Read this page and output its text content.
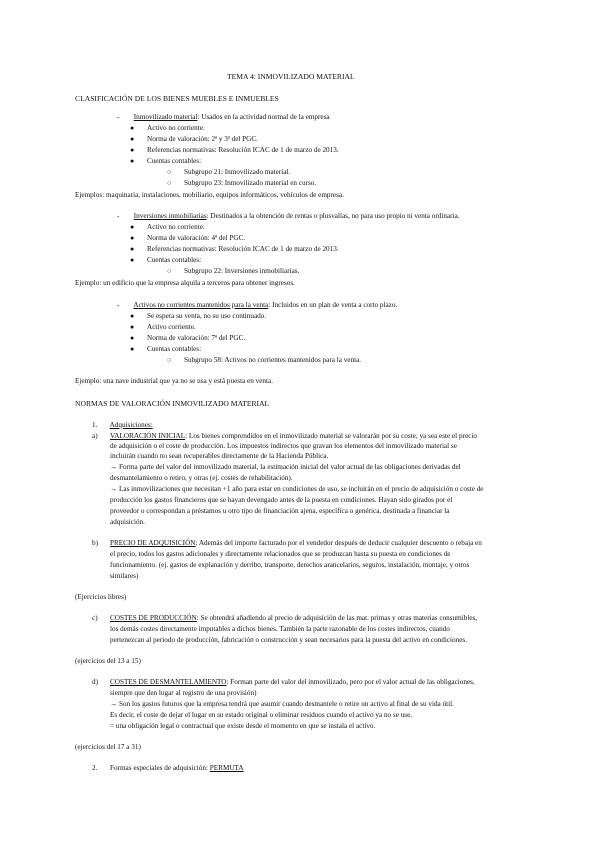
TEMA 4: INMOVILIZADO MATERIAL
CLASIFICACIÓN DE LOS BIENES MUEBLES E INMUEBLES
- Inmovilizado material: Usados en la actividad normal de la empresa
● Activo no corriente.
● Norma de valoración: 2ª y 3ª del PGC.
● Referencias normativas: Resolución ICAC de 1 de marzo de 2013.
● Cuentas contables:
○ Subgrupo 21: Inmovilizado material.
○ Subgrupo 23: Inmovilizado material en curso.
Ejemplos: maquinaria, instalaciones, mobiliario, equipos informáticos, vehículos de empresa.
- Inversiones inmobiliarias: Destinados a la obtención de rentas o plusvalías, no para uso propio ni venta ordinaria.
● Activo no corriente.
● Norma de valoración: 4ª del PGC.
● Referencias normativas: Resolución ICAC de 1 de marzo de 2013.
● Cuentas contables:
○ Subgrupo 22: Inversiones inmobiliarias.
Ejemplo: un edificio que la empresa alquila a terceros para obtener ingresos.
- Activos no corrientes mantenidos para la venta: Incluidos en un plan de venta a corto plazo.
● Se espera su venta, no su uso continuado.
● Activo corriente.
● Norma de valoración: 7ª del PGC.
● Cuentas contables:
○ Subgrupo 58: Activos no corrientes mantenidos para la venta.
Ejemplo: una nave industrial que ya no se usa y está puesta en venta.
NORMAS DE VALORACIÓN INMOVILIZADO MATERIAL
1. Adquisiciones:
a) VALORACIÓN INICIAL: Los bienes comprendidos en el inmovilizado material se valorarán por su coste, ya sea este el precio
de adquisición o el coste de producción. Los impuestos indirectos que gravan los elementos del inmovilizado material se
incluirán cuando no sean recuperables directamente de la Hacienda Pública.
→ Forma parte del valor del inmovilizado material, la estimación inicial del valor actual de las obligaciones derivadas del
desmantelamiento o retiro, y otras (ej. costes de rehabilitación).
→ Las inmovilizaciones que necesitan +1 año para estar en condiciones de uso, se incluirán en el precio de adquisición o coste de
producción los gastos financieros que se hayan devengado antes de la puesta en condiciones. Hayan sido girados por el
proveedor o correspondan a préstamos u otro tipo de financiación ajena, específica o genérica, destinada a financiar la
adquisición.
b) PRECIO DE ADQUISICIÓN: Además del importe facturado por el vendedor después de deducir cualquier descuento o rebaja en
el precio, todos los gastos adicionales y directamente relacionados que se produzcan hasta su puesta en condiciones de
funcionamiento. (ej. gastos de explanación y derribo, transporte, derechos arancelarios, seguros, instalación, montaje, y otros
similares)
(Ejercicios libres)
c) COSTES DE PRODUCCIÓN: Se obtendrá añadiendo al precio de adquisición de las mat. primas y otras materias consumibles,
los demás costes directamente imputables a dichos bienes. También la parte razonable de los costes indirectos, cuando
pertenezcan al periodo de producción, fabricación o construcción y sean necesarios para la puesta del activo en condiciones.
(ejercicios del 13 a 15)
d) COSTES DE DESMANTELAMIENTO: Forman parte del valor del inmovilizado, pero por el valor actual de las obligaciones,
siempre que den lugar al registro de una provisión)
→ Son los gastos futuros que la empresa tendrá que asumir cuando desmantele o retire un activo al final de su vida útil.
Es decir, el coste de dejar el lugar en su estado original o eliminar residuos cuando el activo ya no se use.
= una obligación legal o contractual que existe desde el momento en que se instala el activo.
(ejercicios del 17 a 31)
2. Formas especiales de adquisición: PERMUTA
